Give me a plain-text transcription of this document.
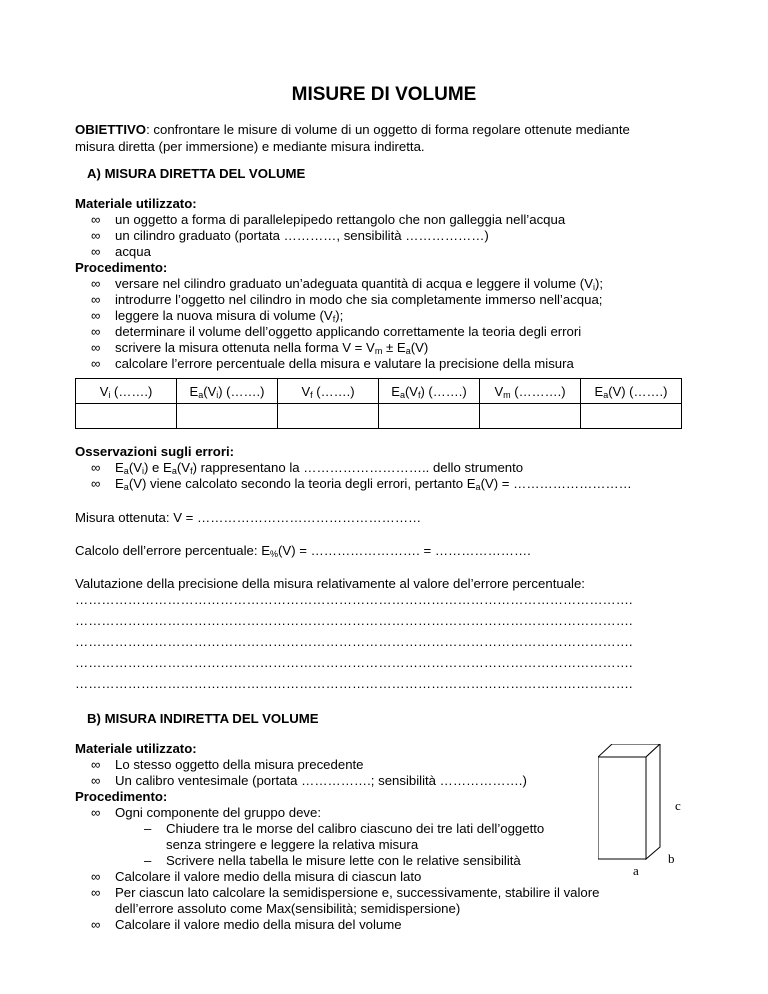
MISURE DI VOLUME
OBIETTIVO: confrontare le misure di volume di un oggetto di forma regolare ottenute mediante
misura diretta (per immersione) e mediante misura indiretta.
A) MISURA DIRETTA DEL VOLUME
Materiale utilizzato:
∞ un oggetto a forma di parallelepipedo rettangolo che non galleggia nell’acqua
∞ un cilindro graduato (portata …………, sensibilità ………………)
∞ acqua
Procedimento:
∞ versare nel cilindro graduato un’adeguata quantità di acqua e leggere il volume $(V_i)$;
∞ introdurre l’oggetto nel cilindro in modo che sia completamente immerso nell’acqua;
∞ leggere la nuova misura di volume $(V_f)$;
∞ determinare il volume dell’oggetto applicando correttamente la teoria degli errori
∞ scrivere la misura ottenuta nella forma $V = V_m \pm E_a(V)$
∞ calcolare l’errore percentuale della misura e valutare la precisione della misura
$V_i$ (…….)	$E_a(V_i)$ (…….)	$V_f$ (…….)	$E_a(V_f)$ (…….)	$V_m$ (……….)	$E_a(V)$ (…….)

Osservazioni sugli errori:
∞ $E_a(V_i)$ e $E_a(V_f)$ rappresentano la ……………………….. dello strumento
∞ $E_a(V)$ viene calcolato secondo la teoria degli errori, pertanto $E_a(V)$ = ………………………
Misura ottenuta: V = ……………………………………………
Calcolo dell’errore percentuale: $E_{\%}(V)$ = ……………………. = ………………….
Valutazione della precisione della misura relativamente al valore del’errore percentuale:
……………………………………………………………………………………………………………….
……………………………………………………………………………………………………………….
……………………………………………………………………………………………………………….
……………………………………………………………………………………………………………….
……………………………………………………………………………………………………………….
B) MISURA INDIRETTA DEL VOLUME
Materiale utilizzato:
∞ Lo stesso oggetto della misura precedente
∞ Un calibro ventesimale (portata …………….; sensibilità ……………….)
Procedimento:
∞ Ogni componente del gruppo deve:
– Chiudere tra le morse del calibro ciascuno dei tre lati dell’oggetto
senza stringere e leggere la relativa misura
– Scrivere nella tabella le misure lette con le relative sensibilità
∞ Calcolare il valore medio della misura di ciascun lato
∞ Per ciascun lato calcolare la semidispersione e, successivamente, stabilire il valore
dell’errore assoluto come Max(sensibilità; semidispersione)
∞ Calcolare il valore medio della misura del volume
a
b
c
